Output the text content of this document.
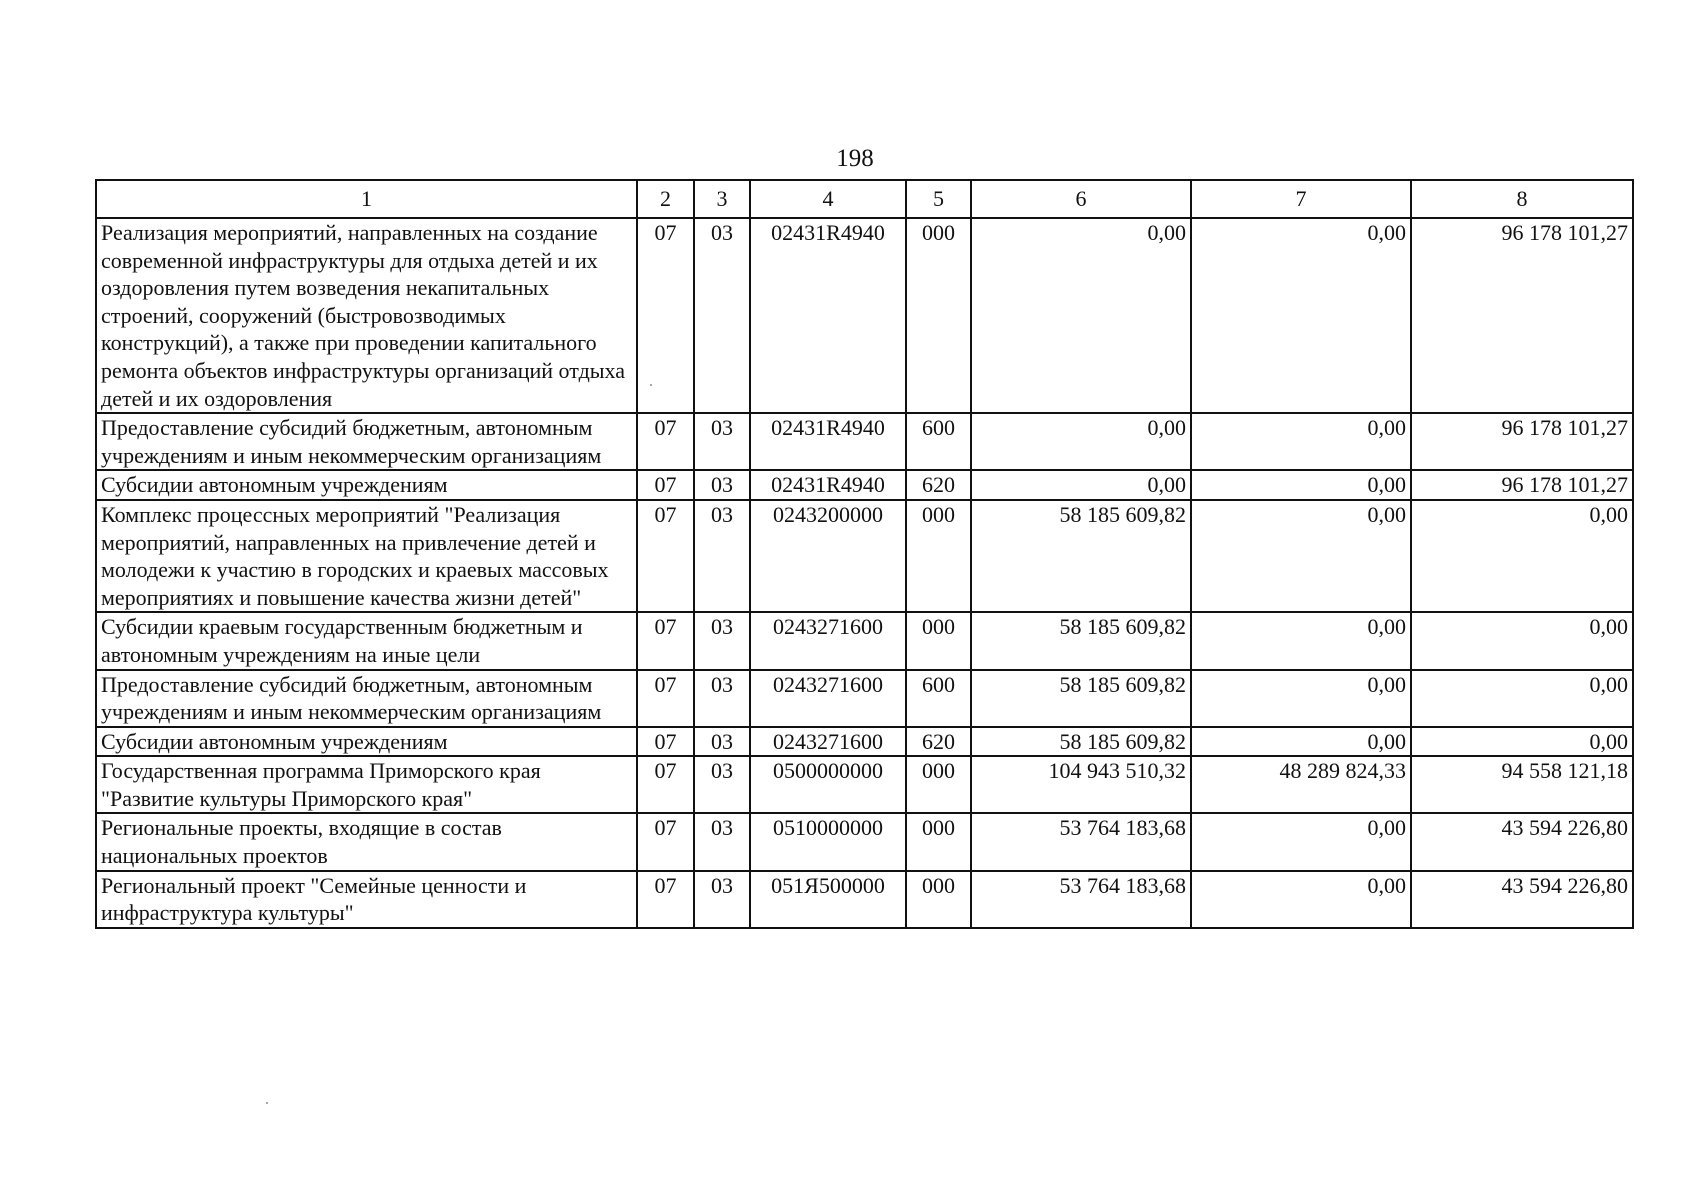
198
1	2	3	4	5	6	7	8
Реализация мероприятий, направленных на создание современной инфраструктуры для отдыха детей и их оздоровления путем возведения некапитальных строений, сооружений (быстровозводимых конструкций), а также при проведении капитального ремонта объектов инфраструктуры организаций отдыха детей и их оздоровления	07	03	02431R4940	000	0,00	0,00	96 178 101,27
Предоставление субсидий бюджетным, автономным учреждениям и иным некоммерческим организациям	07	03	02431R4940	600	0,00	0,00	96 178 101,27
Субсидии автономным учреждениям	07	03	02431R4940	620	0,00	0,00	96 178 101,27
Комплекс процессных мероприятий "Реализация мероприятий, направленных на привлечение детей и молодежи к участию в городских и краевых массовых мероприятиях и повышение качества жизни детей"	07	03	0243200000	000	58 185 609,82	0,00	0,00
Субсидии краевым государственным бюджетным и автономным учреждениям на иные цели	07	03	0243271600	000	58 185 609,82	0,00	0,00
Предоставление субсидий бюджетным, автономным учреждениям и иным некоммерческим организациям	07	03	0243271600	600	58 185 609,82	0,00	0,00
Субсидии автономным учреждениям	07	03	0243271600	620	58 185 609,82	0,00	0,00
Государственная программа Приморского края "Развитие культуры Приморского края"	07	03	0500000000	000	104 943 510,32	48 289 824,33	94 558 121,18
Региональные проекты, входящие в состав национальных проектов	07	03	0510000000	000	53 764 183,68	0,00	43 594 226,80
Региональный проект "Семейные ценности и инфраструктура культуры"	07	03	051Я500000	000	53 764 183,68	0,00	43 594 226,80
